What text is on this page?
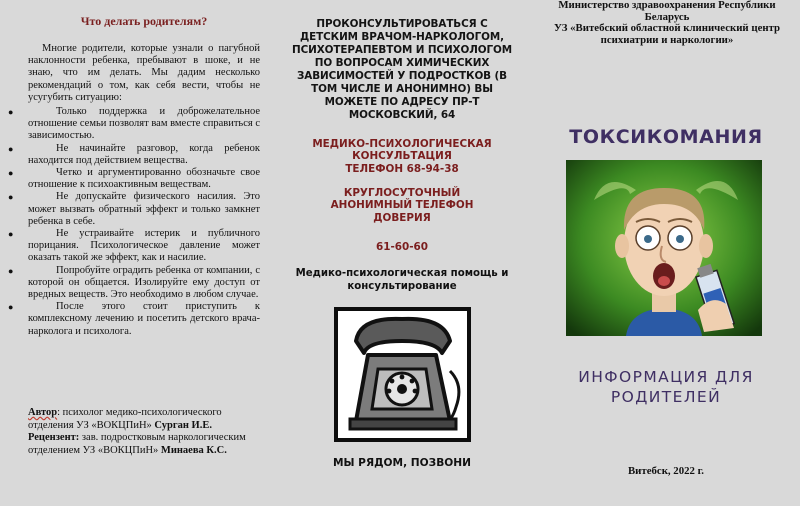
Что делать родителям?

Многие родители, которые узнали о пагубной наклонности ребенка, пребывают в шоке, и не знаю, что им делать. Мы дадим несколько рекомендаций о том, как себя вести, чтобы не усугубить ситуацию:

●	Только поддержка и доброжелательное отношение семьи позволят вам вместе справиться с зависимостью.
●	Не начинайте разговор, когда ребенок находится под действием вещества.
●	Четко и аргументированно обозначьте свое отношение к психоактивным веществам.
●	Не допускайте физического насилия. Это может вызвать обратный эффект и только замкнет ребенка в себе.
●	Не устраивайте истерик и публичного порицания. Психологическое давление может оказать такой же эффект, как и насилие.
●	Попробуйте оградить ребенка от компании, с которой он общается. Изолируйте ему доступ от вредных веществ. Это необходимо в любом случае.
●	После этого стоит приступить к комплексному лечению и посетить детского врача- нарколога и психолога.
Автор: психолог медико-психологического отделения УЗ «ВОКЦПиН» Сурган И.Е.
Рецензент: зав. подростковым наркологическим отделением УЗ «ВОКЦПиН» Минаева К.С.
ПРОКОНСУЛЬТИРОВАТЬСЯ С ДЕТСКИМ ВРАЧОМ-НАРКОЛОГОМ, ПСИХОТЕРАПЕВТОМ И ПСИХОЛОГОМ ПО ВОПРОСАМ ХИМИЧЕСКИХ ЗАВИСИМОСТЕЙ У ПОДРОСТКОВ (В ТОМ ЧИСЛЕ И АНОНИМНО) ВЫ МОЖЕТЕ ПО АДРЕСУ ПР-Т МОСКОВСКИЙ, 64
МЕДИКО-ПСИХОЛОГИЧЕСКАЯ КОНСУЛЬТАЦИЯ
ТЕЛЕФОН 68-94-38
КРУГЛОСУТОЧНЫЙ АНОНИМНЫЙ ТЕЛЕФОН ДОВЕРИЯ
61-60-60
Медико-психологическая помощь и консультирование
МЫ РЯДОМ, ПОЗВОНИ
Министерство здравоохранения Республики Беларусь
УЗ «Витебский областной клинический центр психиатрии и наркологии»
ТОКСИКОМАНИЯ
ИНФОРМАЦИЯ ДЛЯ РОДИТЕЛЕЙ
Витебск, 2022 г.
